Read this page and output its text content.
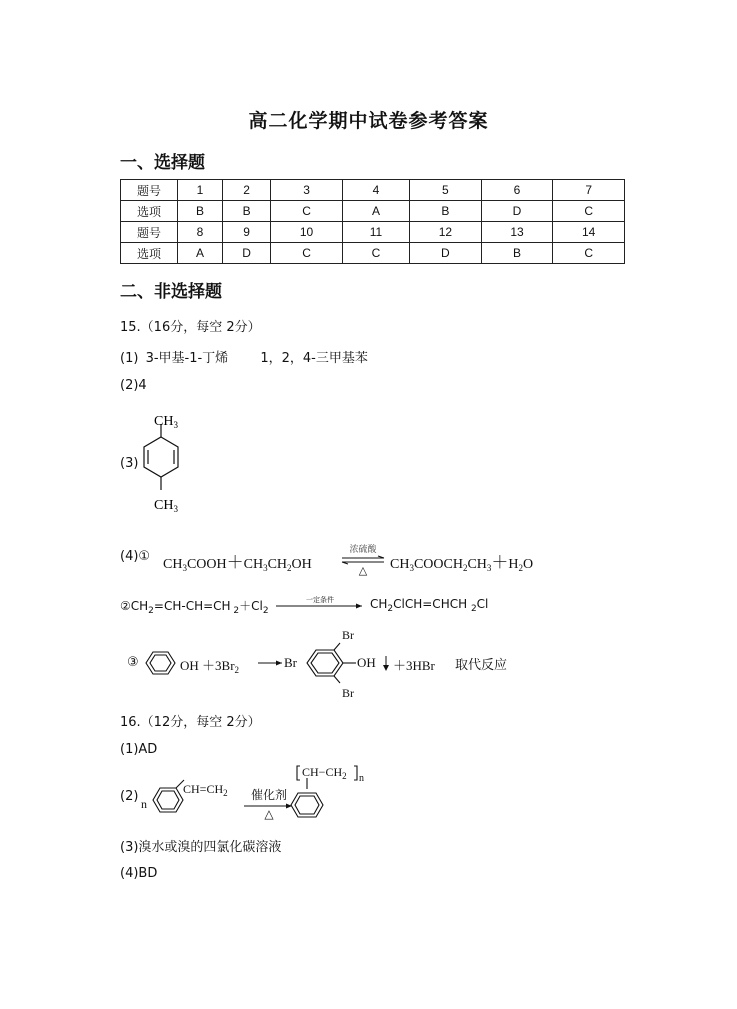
高二化学期中试卷参考答案
一、选择题
题号	1	2	3	4	5	6	7
选项	B	B	C	A	B	D	C
题号	8	9	10	11	12	13	14
选项	A	D	C	C	D	B	C
二、非选择题
15.（16分，每空 2分）
(1) 3-甲基-1-丁烯 1，2，4-三甲基苯
(2)4
(3)
$CH_3$
$CH_3$
(4)①
$CH_3COOH+CH_3CH_2OH$
浓硫酸
△	$CH_3COOCH_2CH_3+H_2O$
$②CH_2=CH-CH=CH$ $_2+Cl_2$
一定条件	$CH_2ClCH=CHCH$ $_2$Cl
③	OH $+3Br_2$	Br
Br
Br
OH ＋3HBr 取代反应
16.（12分，每空 2分）
(1)AD
(2) n
$CH=CH_2$	催化剂
△
$CH-CH_2$ n
(3)溴水或溴的四氯化碳溶液
(4)BD
